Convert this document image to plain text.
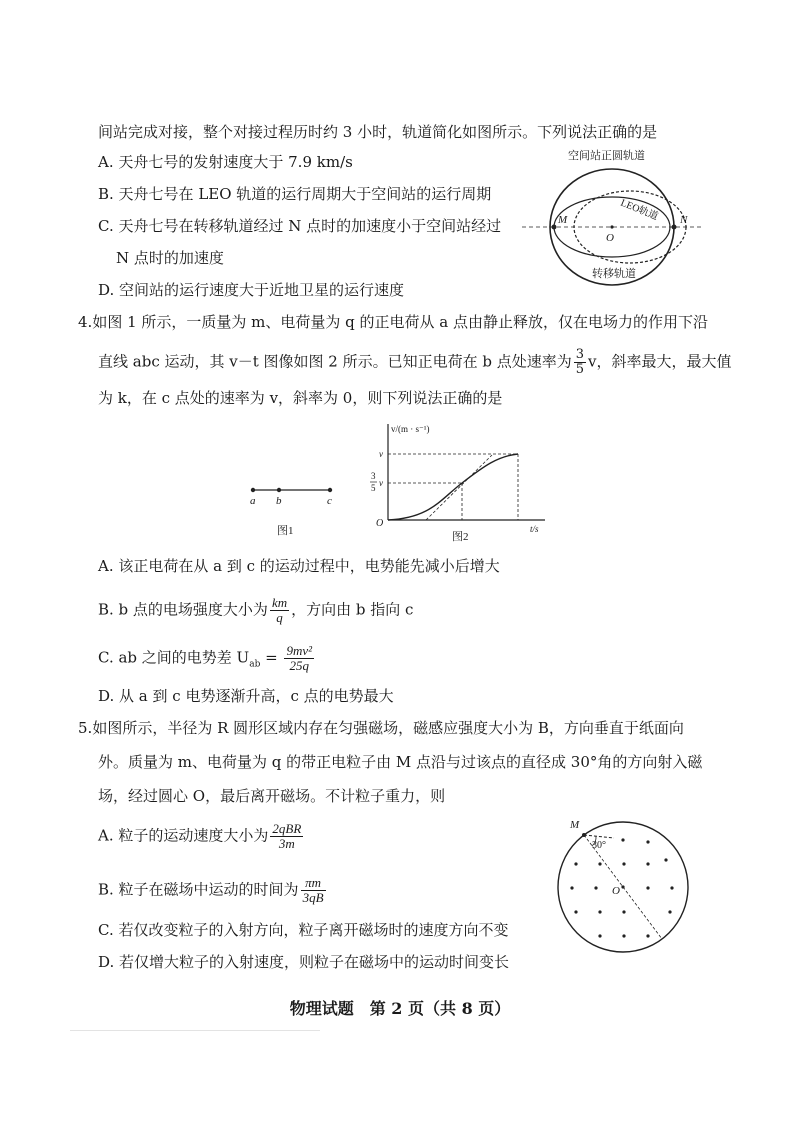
间站完成对接，整个对接过程历时约 3 小时，轨道简化如图所示。下列说法正确的是
A. 天舟七号的发射速度大于 7.9 km/s
B. 天舟七号在 LEO 轨道的运行周期大于空间站的运行周期
C. 天舟七号在转移轨道经过 N 点时的加速度小于空间站经过
N 点时的加速度
D. 空间站的运行速度大于近地卫星的运行速度
空间站正圆轨道
M	N
O
LEO轨道
转移轨道
4.如图 1 所示，一质量为 m、电荷量为 q 的正电荷从 a 点由静止释放，仅在电场力的作用下沿
直线 abc 运动，其 v－t 图像如图 2 所示。已知正电荷在 b 点处速率为 $\frac{3}{5}$ v，斜率最大，最大值
为 k，在 c 点处的速率为 v，斜率为 0，则下列说法正确的是
a b	c
图1
v/(m · s⁻¹)
t/s
v
3
5 v
O
图2
A. 该正电荷在从 a 到 c 的运动过程中，电势能先减小后增大
B. b 点的电场强度大小为 $\frac{km}{q}$ ，方向由 b 指向 c
C. ab 之间的电势差 $U_{ab} = \frac{\text{9mv²}}{25q}$
D. 从 a 到 c 电势逐渐升高，c 点的电势最大
5.如图所示，半径为 R 圆形区域内存在匀强磁场，磁感应强度大小为 B，方向垂直于纸面向
外。质量为 m、电荷量为 q 的带正电粒子由 M 点沿与过该点的直径成 30°角的方向射入磁
场，经过圆心 O，最后离开磁场。不计粒子重力，则
A. 粒子的运动速度大小为 $\frac{\text{2qBR}}{3m}$
B. 粒子在磁场中运动的时间为 $\frac{\pi m}{3qB}$
C. 若仅改变粒子的入射方向，粒子离开磁场时的速度方向不变
D. 若仅增大粒子的入射速度，则粒子在磁场中的运动时间变长
M
30°
O
物理试题　第 2 页（共 8 页）
